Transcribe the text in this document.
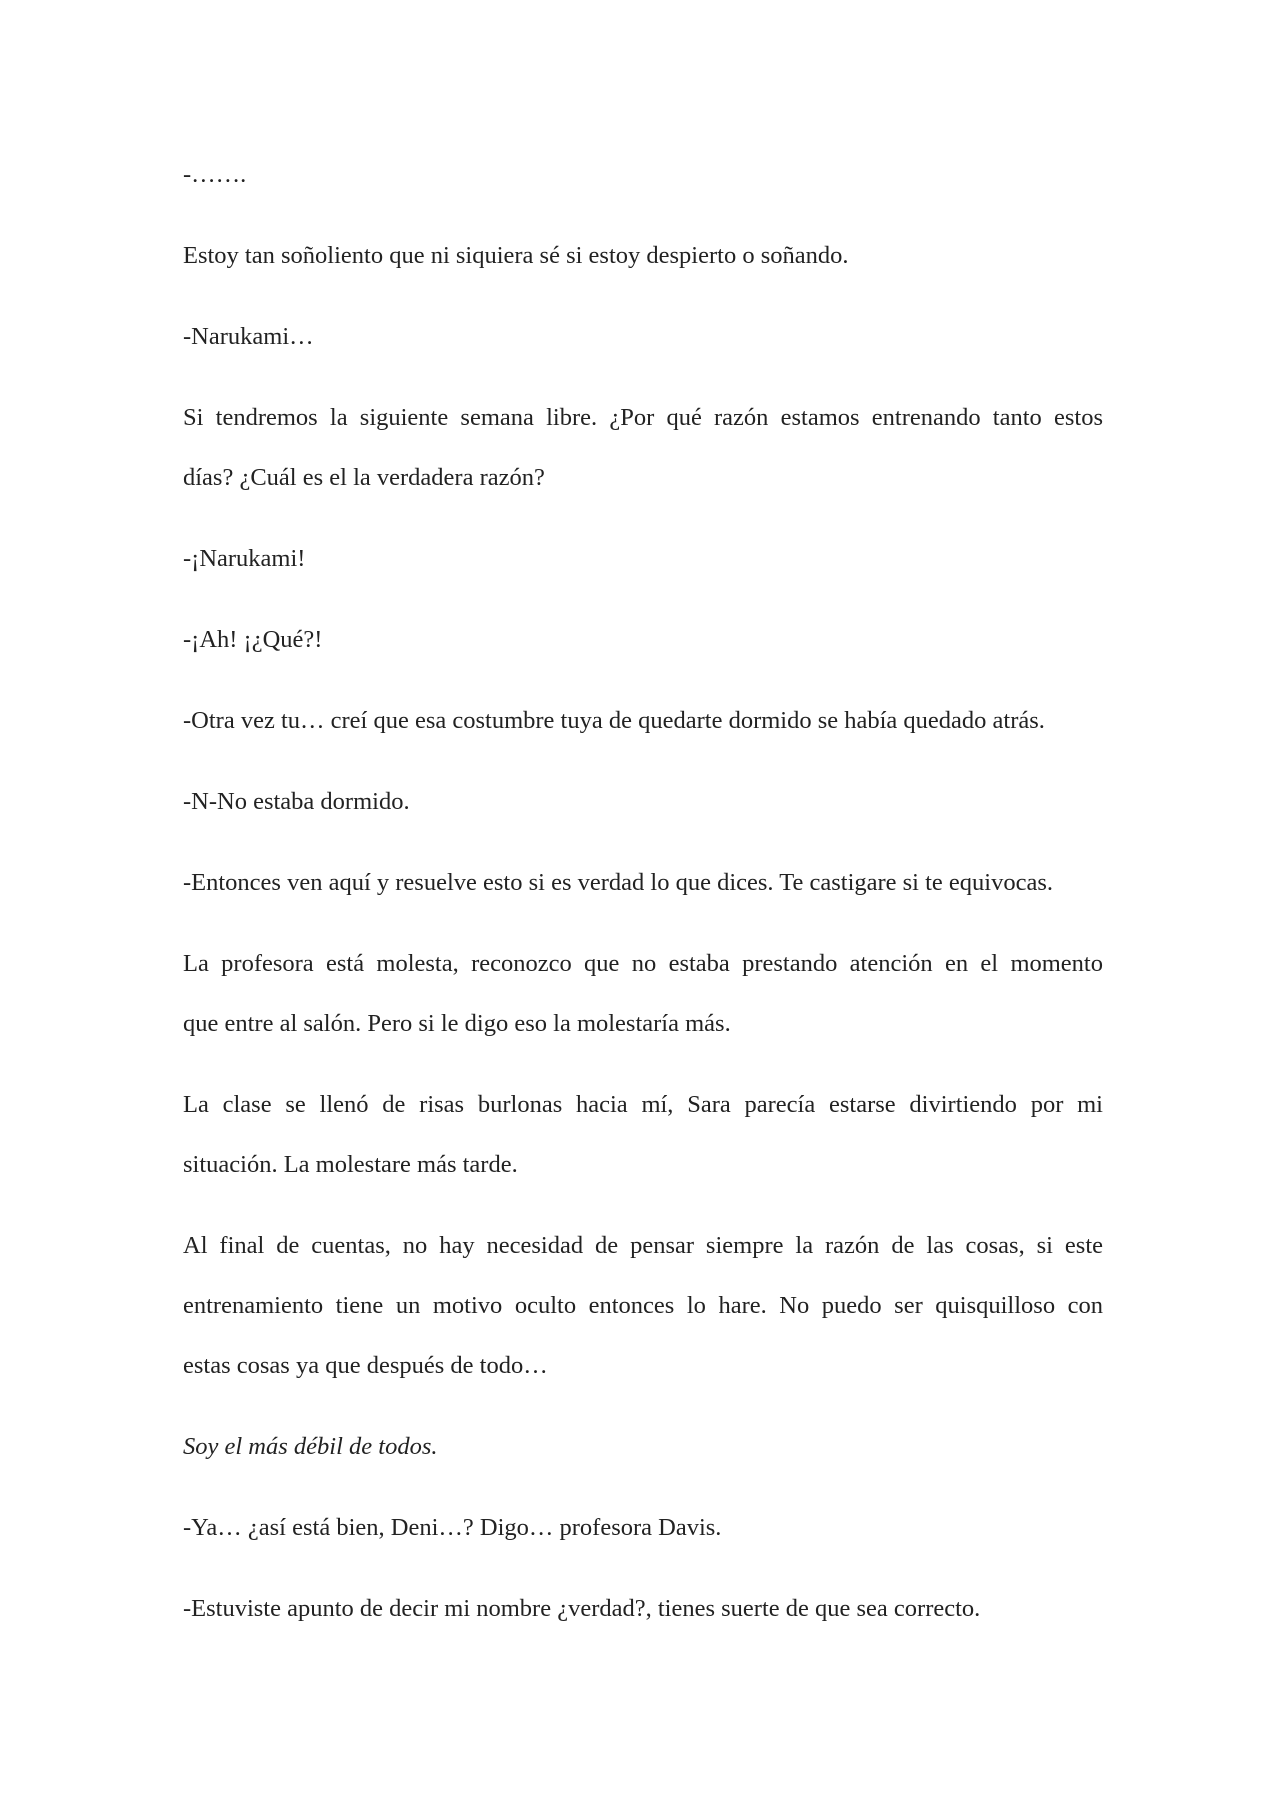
-…….

Estoy tan soñoliento que ni siquiera sé si estoy despierto o soñando.

-Narukami…

Si tendremos la siguiente semana libre. ¿Por qué razón estamos entrenando tanto estos
días? ¿Cuál es el la verdadera razón?

-¡Narukami!

-¡Ah! ¡¿Qué?!

-Otra vez tu… creí que esa costumbre tuya de quedarte dormido se había quedado atrás.

-N-No estaba dormido.

-Entonces ven aquí y resuelve esto si es verdad lo que dices. Te castigare si te equivocas.

La profesora está molesta, reconozco que no estaba prestando atención en el momento
que entre al salón. Pero si le digo eso la molestaría más.

La clase se llenó de risas burlonas hacia mí, Sara parecía estarse divirtiendo por mi
situación. La molestare más tarde.

Al final de cuentas, no hay necesidad de pensar siempre la razón de las cosas, si este
entrenamiento tiene un motivo oculto entonces lo hare. No puedo ser quisquilloso con
estas cosas ya que después de todo…

Soy el más débil de todos.

-Ya… ¿así está bien, Deni…? Digo… profesora Davis.

-Estuviste apunto de decir mi nombre ¿verdad?, tienes suerte de que sea correcto.
